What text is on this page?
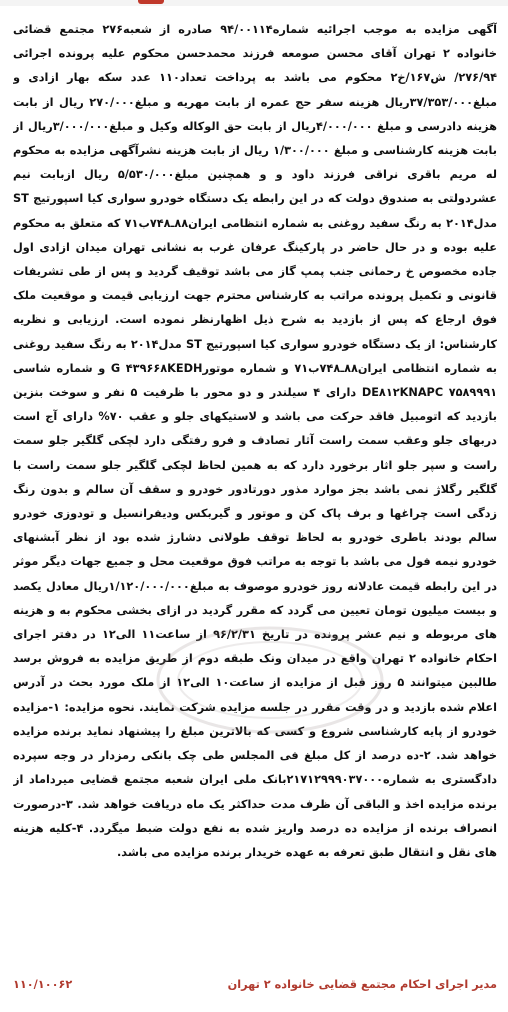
آگهی مزایده به موجب اجرائیه شماره۹۴/۰۰۱۱۴ صادره از شعبه۲۷۶ مجتمع قضائی خانواده ۲ تهران آقای محسن صومعه فرزند محمدحسن محکوم علیه پرونده اجرائی ۲۷۶/۹۴/ ش۱۶۷/خ۲ محکوم می باشد به پرداخت تعداد۱۱۰ عدد سکه بهار ازادی و مبلغ۳۷/۳۵۳/۰۰۰ریال هزینه سفر حج عمره از بابت مهریه و مبلغ۲۷۰/۰۰۰ ریال از بابت هزینه دادرسی و مبلغ ۴/۰۰۰/۰۰۰ریال از بابت حق الوکاله وکیل و مبلغ۳/۰۰۰/۰۰۰ریال از بابت هزینه کارشناسی و مبلغ ۱/۳۰۰/۰۰۰ ریال از بابت هزینه نشرآگهی مزایده به محکوم له مریم باقری نراقی فرزند داود و و همچنین مبلغ۵/۵۳۰/۰۰۰ ریال ازبابت نیم عشردولتی به صندوق دولت که در این رابطه یک دستگاه خودرو سواری کیا اسپورتیج ST مدل۲۰۱۴ به رنگ سفید روغنی به شماره انتظامی ایران۸۸ـ۷۴۸ب۷۱ که متعلق به محکوم علیه بوده و در حال حاضر در پارکینگ عرفان غرب به نشانی تهران میدان ازادی اول جاده مخصوص خ رحمانی جنب پمپ گاز می باشد توقیف گردید و پس از طی تشریفات قانونی و تکمیل پرونده مراتب به کارشناس محترم جهت ارزیابی قیمت و موقعیت ملک فوق ارجاع که پس از بازدید به شرح ذیل اظهارنظر نموده است. ارزیابی و نظریه کارشناس: از یک دستگاه خودرو سواری کیا اسپورتیج ST مدل۲۰۱۴ به رنگ سفید روغنی به شماره انتظامی ایران۸۸ـ۷۴۸ب۷۱ و شماره موتورG ۴۳۹۶۶۸KEDH و شماره شاسی DE۸۱۲KNAPC ۷۵۸۹۹۹۱ دارای ۴ سیلندر و دو محور با ظرفیت ۵ نفر و سوخت بنزین بازدید که اتومبیل فاقد حرکت می باشد و لاستیکهای جلو و عقب ۷۰% دارای آج است دربهای جلو وعقب سمت راست آثار تصادف و فرو رفتگی دارد لچکی گلگیر جلو سمت راست و سپر جلو اثار برخورد دارد که به همین لحاظ لچکی گلگیر جلو سمت راست با گلگیر رگلاژ نمی باشد بجز موارد مذور دورتادور خودرو و سقف آن سالم و بدون رنگ زدگی است چراغها و برف پاک کن و موتور و گیربکس ودیفرانسیل و تودوزی خودرو سالم بودند باطری خودرو به لحاظ توقف طولانی دشارژ شده بود از نظر آبشنهای خودرو نیمه فول می باشد با توجه به مراتب فوق موقعیت محل و جمیع جهات دیگر موثر در این رابطه قیمت عادلانه روز خودرو موصوف به مبلغ۱/۱۲۰/۰۰۰/۰۰۰ریال معادل یکصد و بیست میلیون تومان تعیین می گردد که مقرر گردید در ازای بخشی محکوم به و هزینه های مربوطه و نیم عشر پرونده در تاریخ ۹۶/۲/۳۱ از ساعت۱۱ الی۱۲ در دفتر اجرای احکام خانواده ۲ تهران واقع در میدان ونک طبقه دوم از طریق مزایده به فروش برسد طالبین میتوانند ۵ روز قبل از مزایده از ساعت۱۰ الی۱۲ از ملک مورد بحث در آدرس اعلام شده بازدید و در وقت مقرر در جلسه مزایده شرکت نمایند. نحوه مزایده: ۱-مزایده خودرو از پایه کارشناسی شروع و کسی که بالاترین مبلغ را پیشنهاد نماید برنده مزایده خواهد شد. ۲-ده درصد از کل مبلغ فی المجلس طی چک بانکی رمزدار در وجه سپرده دادگستری به شماره۲۱۷۱۲۹۹۹۰۳۷۰۰۰بانک ملی ایران شعبه مجتمع قضایی میرداماد از برنده مزایده اخذ و الباقی آن ظرف مدت حداکثر یک ماه دریافت خواهد شد. ۳-درصورت انصراف برنده از مزایده ده درصد واریز شده به نفع دولت ضبط میگردد. ۴-کلیه هزینه های نقل و انتقال طبق تعرفه به عهده خریدار برنده مزایده می باشد.
مدیر اجرای احکام مجتمع قضایی خانواده ۲ تهران
۱۱۰/۱۰۰۶۲
